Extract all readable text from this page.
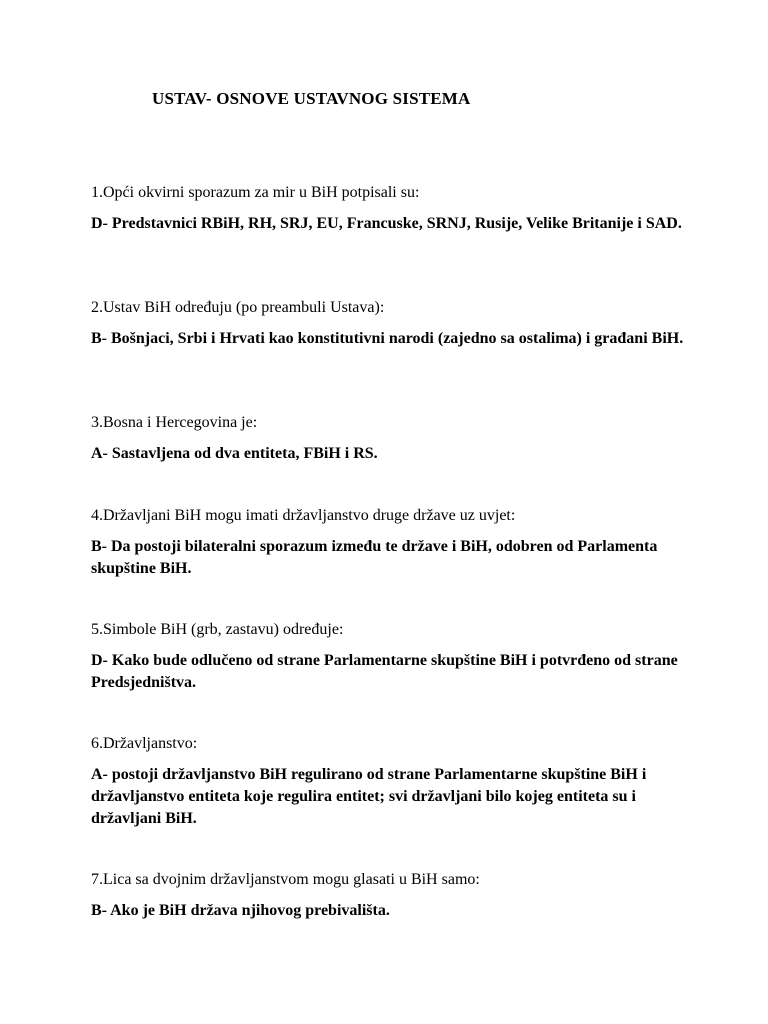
USTAV- OSNOVE USTAVNOG SISTEMA

1.Opći okvirni sporazum za mir u BiH potpisali su:

D- Predstavnici RBiH, RH, SRJ, EU, Francuske, SRNJ, Rusije, Velike Britanije i SAD.

2.Ustav BiH određuju (po preambuli Ustava):

B- Bošnjaci, Srbi i Hrvati kao konstitutivni narodi (zajedno sa ostalima) i građani BiH.

3.Bosna i Hercegovina je:

A- Sastavljena od dva entiteta, FBiH i RS.

4.Državljani BiH mogu imati državljanstvo druge države uz uvjet:

B- Da postoji bilateralni sporazum između te države i BiH, odobren od Parlamenta skupštine BiH.

5.Simbole BiH (grb, zastavu) određuje:

D- Kako bude odlučeno od strane Parlamentarne skupštine BiH i potvrđeno od strane Predsjedništva.

6.Državljanstvo:

A- postoji državljanstvo BiH regulirano od strane Parlamentarne skupštine BiH i državljanstvo entiteta koje regulira entitet; svi državljani bilo kojeg entiteta su i državljani BiH.

7.Lica sa dvojnim državljanstvom mogu glasati u BiH samo:

B- Ako je BiH država njihovog prebivališta.
